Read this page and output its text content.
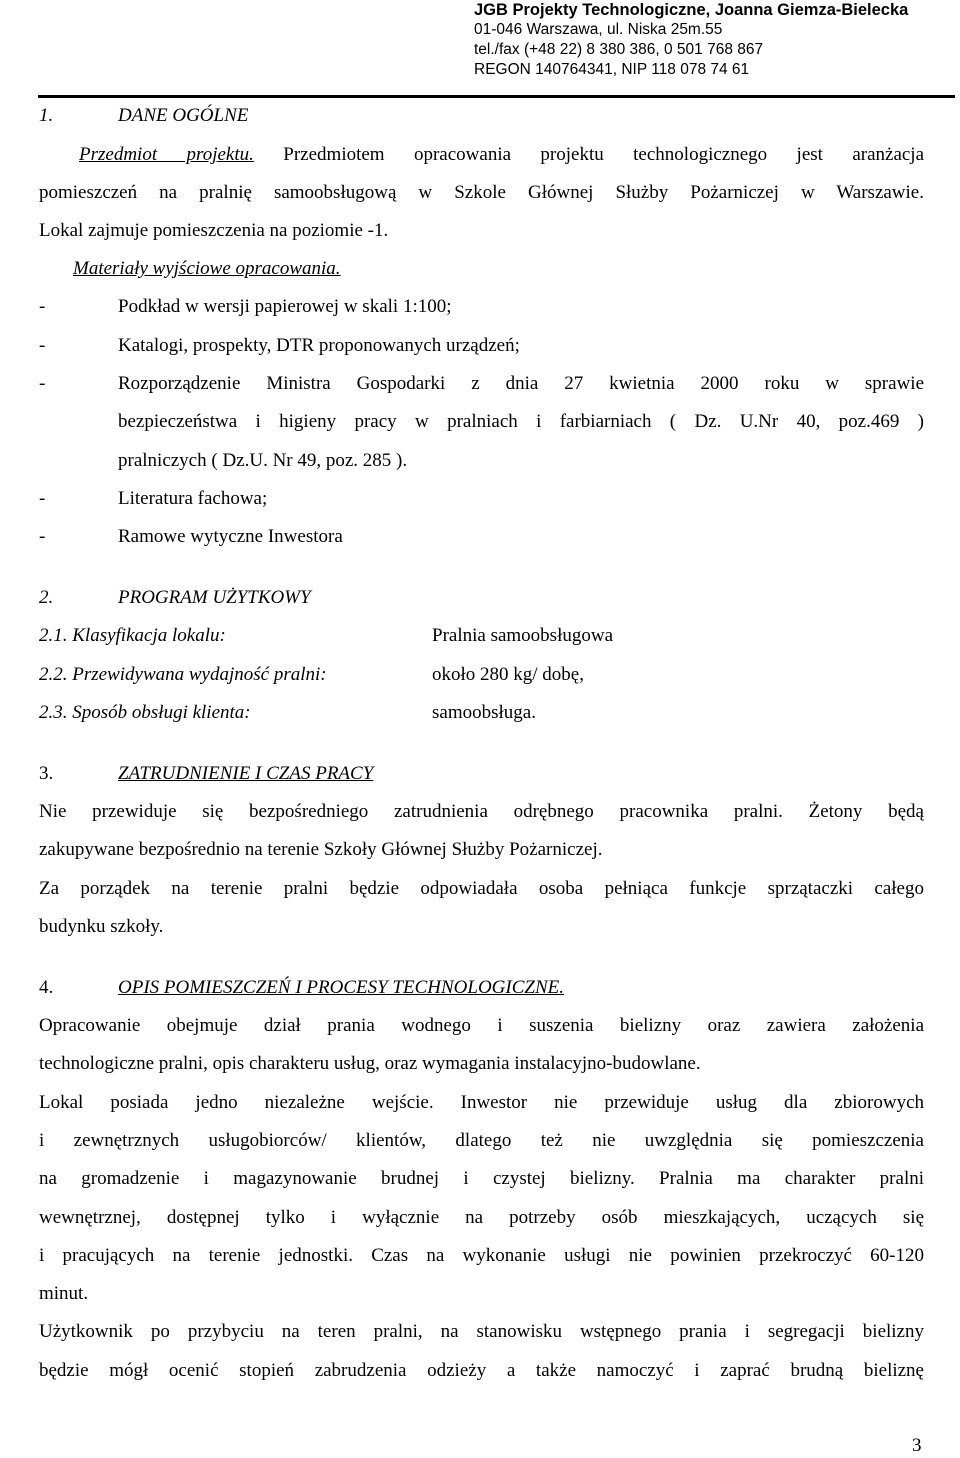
JGB Projekty Technologiczne, Joanna Giemza-Bielecka
01-046 Warszawa, ul. Niska 25m.55
tel./fax (+48 22) 8 380 386, 0 501 768 867
REGON 140764341, NIP 118 078 74 61
1.	DANE OGÓLNE
Przedmiot projektu. Przedmiotem opracowania projektu technologicznego jest aranżacja
pomieszczeń na pralnię samoobsługową w Szkole Głównej Służby Pożarniczej w Warszawie.
Lokal zajmuje pomieszczenia na poziomie -1.
Materiały wyjściowe opracowania.
-	Podkład w wersji papierowej w skali 1:100;
-	Katalogi, prospekty, DTR proponowanych urządzeń;
-	Rozporządzenie Ministra Gospodarki z dnia 27 kwietnia 2000 roku w sprawie
bezpieczeństwa i higieny pracy w pralniach i farbiarniach ( Dz. U.Nr 40, poz.469 )
pralniczych ( Dz.U. Nr 49, poz. 285 ).
-	Literatura fachowa;
-	Ramowe wytyczne Inwestora
2.	PROGRAM UŻYTKOWY
2.1. Klasyfikacja lokalu:	Pralnia samoobsługowa
2.2. Przewidywana wydajność pralni:	około 280 kg/ dobę,
2.3. Sposób obsługi klienta:	samoobsługa.
3.	ZATRUDNIENIE I CZAS PRACY
Nie przewiduje się bezpośredniego zatrudnienia odrębnego pracownika pralni. Żetony będą
zakupywane bezpośrednio na terenie Szkoły Głównej Służby Pożarniczej.
Za porządek na terenie pralni będzie odpowiadała osoba pełniąca funkcje sprzątaczki całego
budynku szkoły.
4.	OPIS POMIESZCZEŃ I PROCESY TECHNOLOGICZNE.
Opracowanie obejmuje dział prania wodnego i suszenia bielizny oraz zawiera założenia
technologiczne pralni, opis charakteru usług, oraz wymagania instalacyjno-budowlane.
Lokal posiada jedno niezależne wejście. Inwestor nie przewiduje usług dla zbiorowych
i zewnętrznych usługobiorców/ klientów, dlatego też nie uwzględnia się pomieszczenia
na gromadzenie i magazynowanie brudnej i czystej bielizny. Pralnia ma charakter pralni
wewnętrznej, dostępnej tylko i wyłącznie na potrzeby osób mieszkających, uczących się
i pracujących na terenie jednostki. Czas na wykonanie usługi nie powinien przekroczyć 60-120
minut.
Użytkownik po przybyciu na teren pralni, na stanowisku wstępnego prania i segregacji bielizny
będzie mógł ocenić stopień zabrudzenia odzieży a także namoczyć i zaprać brudną bieliznę
3
